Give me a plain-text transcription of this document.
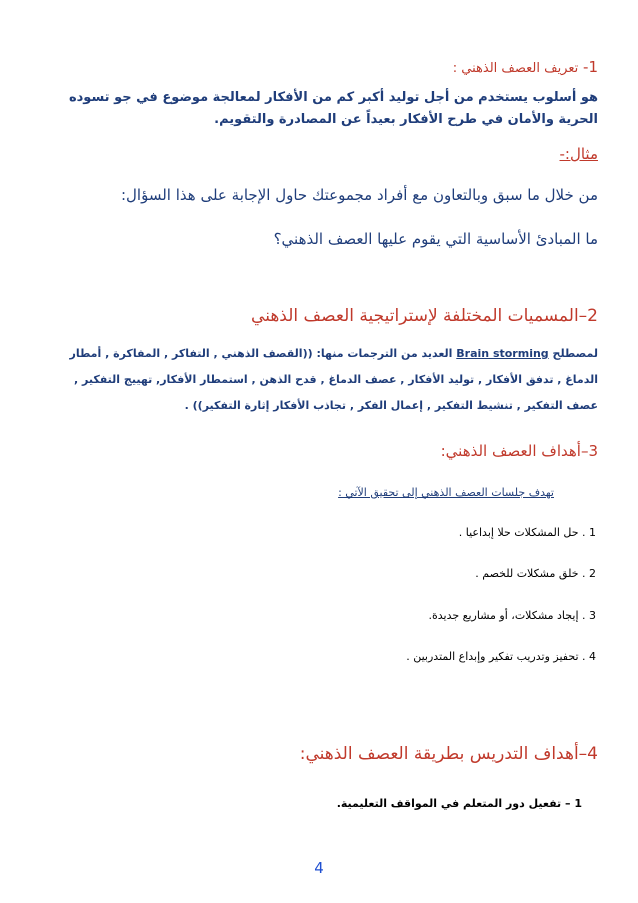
1- تعريف العصف الذهني :
هو أسلوب يستخدم من أجل توليد أكبر كم من الأفكار لمعالجة موضوع في جو تسوده
الحرية والأمان في طرح الأفكار بعيداً عن المصادرة والتقويم.
مثال:-
من خلال ما سبق وبالتعاون مع أفراد مجموعتك حاول الإجابة على هذا السؤال:
ما المبادئ الأساسية التي يقوم عليها العصف الذهني؟
2–المسميات المختلفة لإستراتيجية العصف الذهني
لمصطلح Brain storming العديد من الترجمات منها: ((القصف الذهني , التفاكر , المفاكرة , أمطار
الدماغ , تدفق الأفكار , توليد الأفكار , عصف الدماغ , قدح الذهن , استمطار الأفكار, تهييج التفكير ,
عصف التفكير , تنشيط التفكير , إعمال الفكر , تجاذب الأفكار إثارة التفكير)) .
3–أهداف العصف الذهني:
تهدف جلسات العصف الذهني إلى تحقيق الآتي :
1 . حل المشكلات حلا إبداعيا .
2 . خلق مشكلات للخصم .
3 . إيجاد مشكلات، أو مشاريع جديدة.
4 . تحفيز وتدريب تفكير وإبداع المتدربين .
4–أهداف التدريس بطريقة العصف الذهني:
1 – تفعيل دور المتعلم في المواقف التعليمية.
4
